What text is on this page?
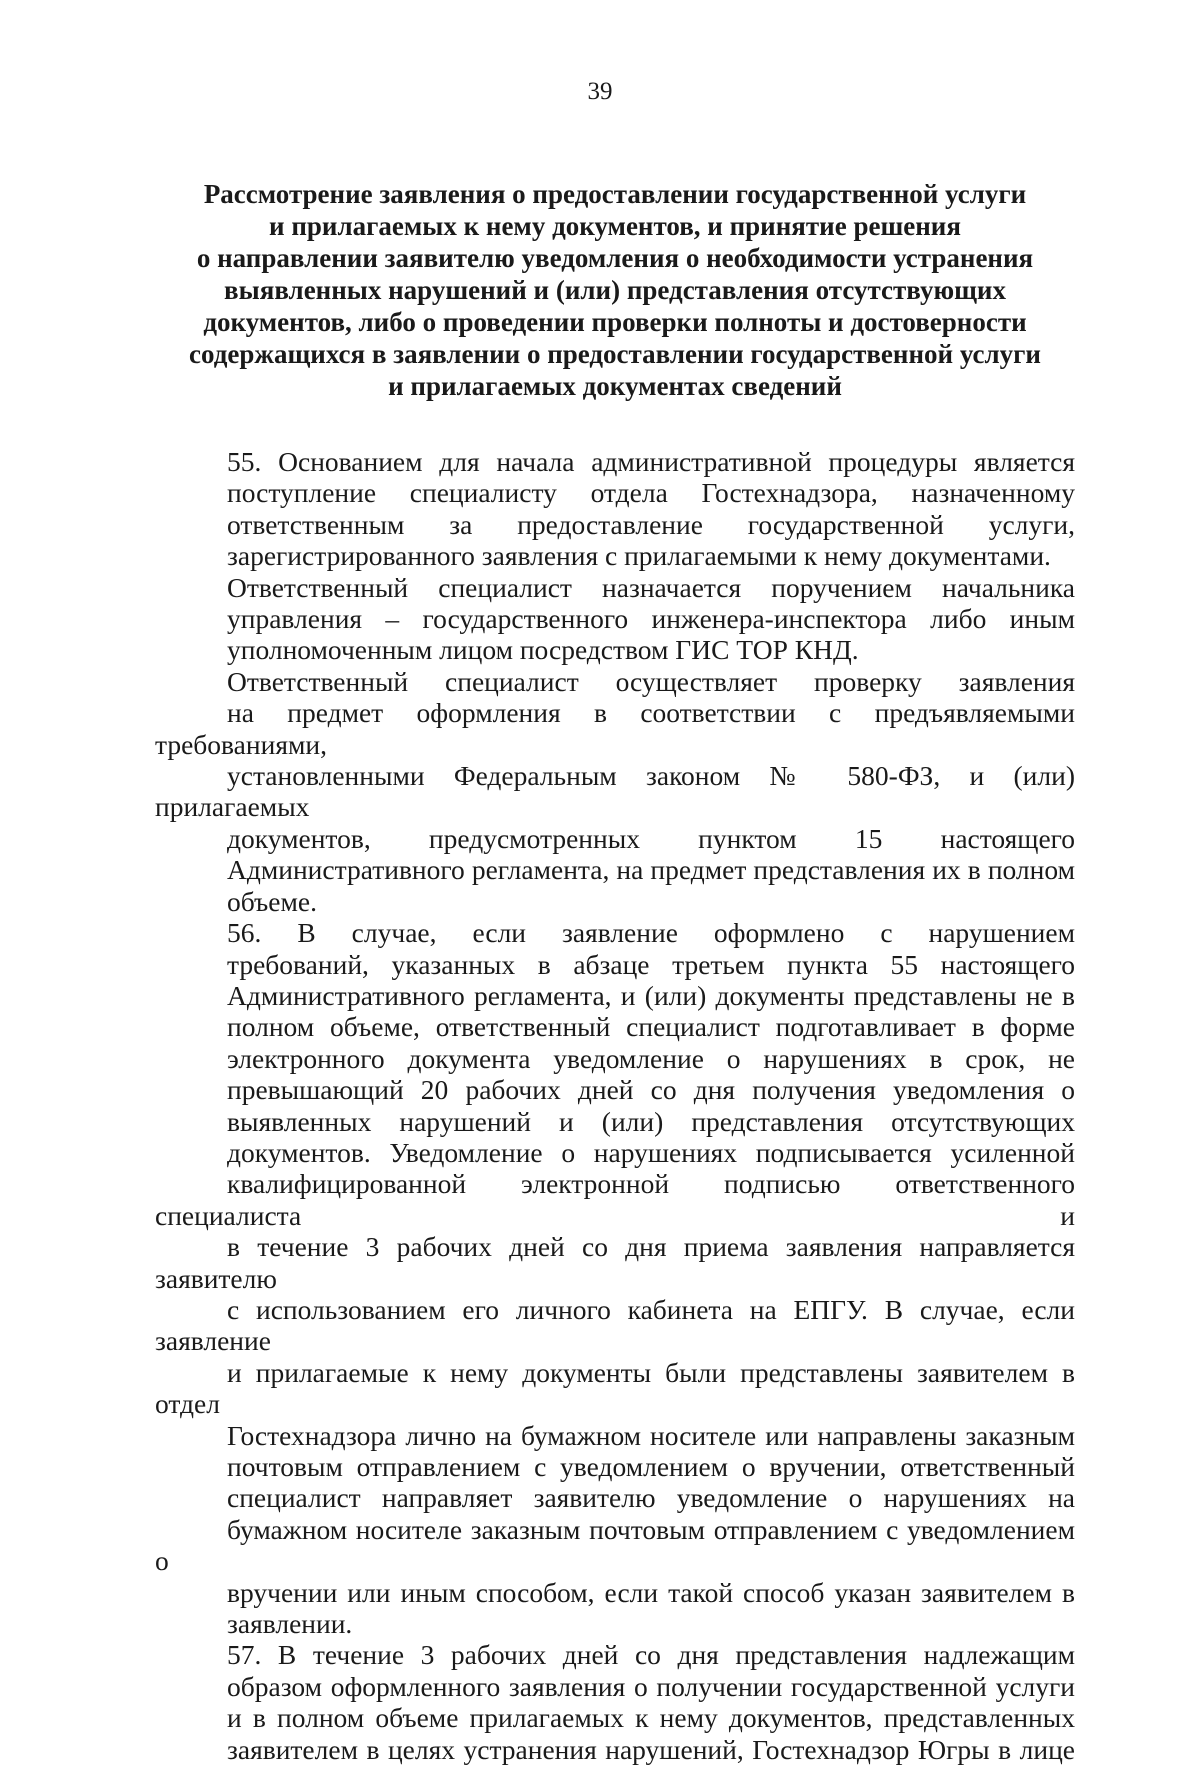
39
Рассмотрение заявления о предоставлении государственной услуги
и прилагаемых к нему документов, и принятие решения
о направлении заявителю уведомления о необходимости устранения
выявленных нарушений и (или) представления отсутствующих
документов, либо о проведении проверки полноты и достоверности
содержащихся в заявлении о предоставлении государственной услуги
и прилагаемых документах сведений
55. Основанием для начала административной процедуры является
поступление специалисту отдела Гостехнадзора, назначенному
ответственным за предоставление государственной услуги,
зарегистрированного заявления с прилагаемыми к нему документами.
Ответственный специалист назначается поручением начальника
управления – государственного инженера-инспектора либо иным
уполномоченным лицом посредством ГИС ТОР КНД.
Ответственный специалист осуществляет проверку заявления
на предмет оформления в соответствии с предъявляемыми требованиями,
установленными Федеральным законом № 580-ФЗ, и (или) прилагаемых
документов, предусмотренных пунктом 15 настоящего
Административного регламента, на предмет представления их в полном
объеме.
56. В случае, если заявление оформлено с нарушением
требований, указанных в абзаце третьем пункта 55 настоящего
Административного регламента, и (или) документы представлены не в
полном объеме, ответственный специалист подготавливает в форме
электронного документа уведомление о нарушениях в срок, не
превышающий 20 рабочих дней со дня получения уведомления о
выявленных нарушений и (или) представления отсутствующих
документов. Уведомление о нарушениях подписывается усиленной
квалифицированной электронной подписью ответственного специалиста и
в течение 3 рабочих дней со дня приема заявления направляется заявителю
с использованием его личного кабинета на ЕПГУ. В случае, если заявление
и прилагаемые к нему документы были представлены заявителем в отдел
Гостехнадзора лично на бумажном носителе или направлены заказным
почтовым отправлением с уведомлением о вручении, ответственный
специалист направляет заявителю уведомление о нарушениях на
бумажном носителе заказным почтовым отправлением с уведомлением о
вручении или иным способом, если такой способ указан заявителем в
заявлении.
57. В течение 3 рабочих дней со дня представления надлежащим
образом оформленного заявления о получении государственной услуги
и в полном объеме прилагаемых к нему документов, представленных
заявителем в целях устранения нарушений, Гостехнадзор Югры в лице
